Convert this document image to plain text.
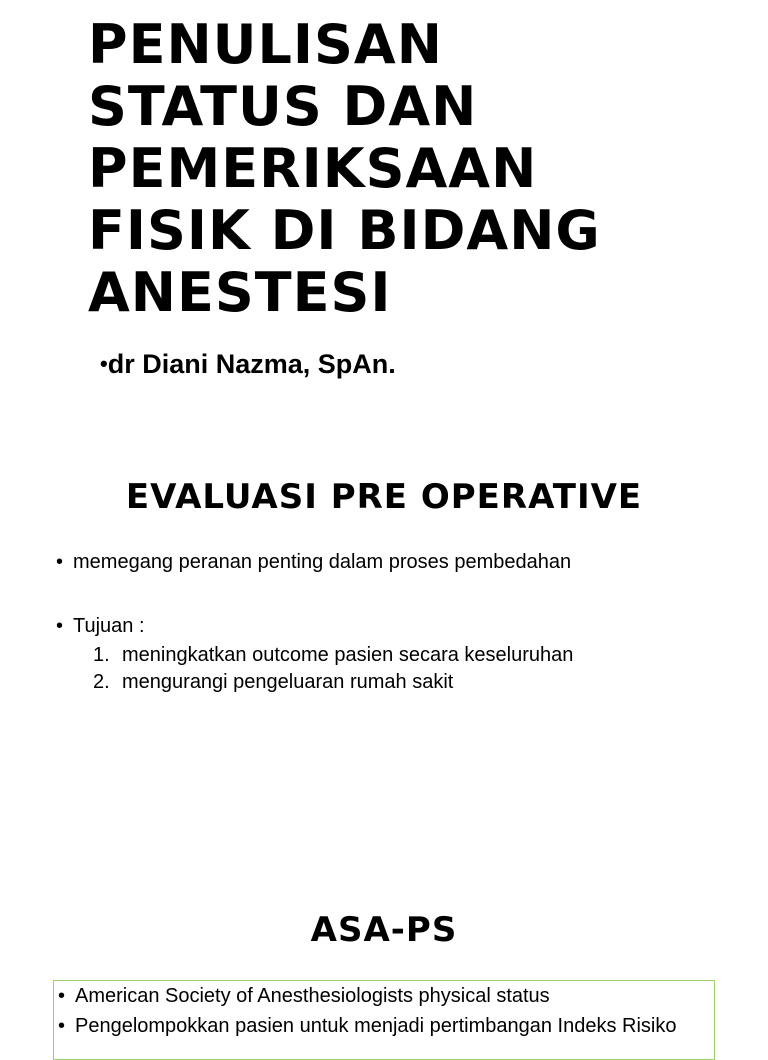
PENULISAN
STATUS DAN
PEMERIKSAAN
FISIK DI BIDANG
ANESTESI
•dr Diani Nazma, SpAn.
EVALUASI PRE OPERATIVE
• memegang peranan penting dalam proses pembedahan
• Tujuan :
1. meningkatkan outcome pasien secara keseluruhan
2. mengurangi pengeluaran rumah sakit
ASA-PS
• American Society of Anesthesiologists physical status
• Pengelompokkan pasien untuk menjadi pertimbangan Indeks Risiko
